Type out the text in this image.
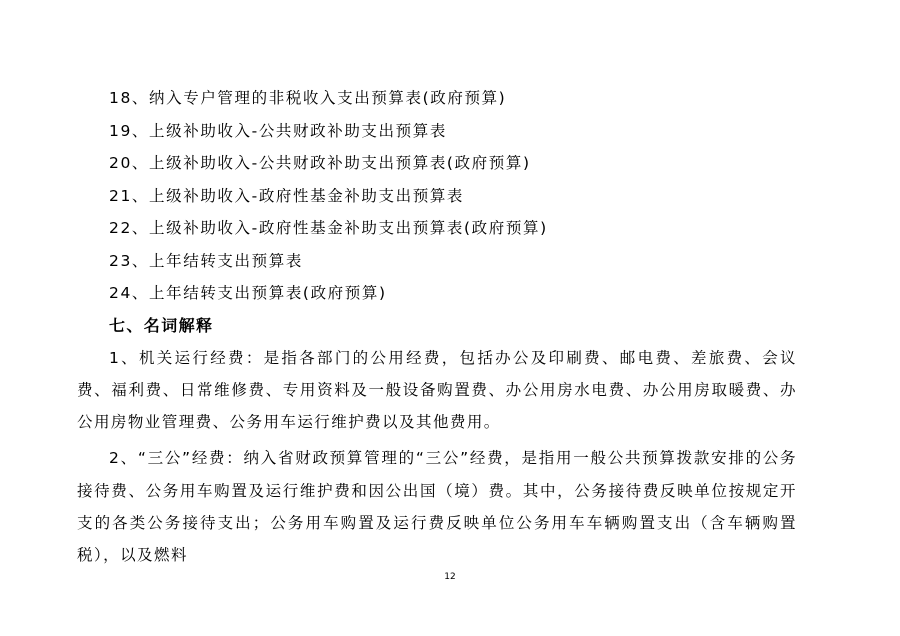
18、纳入专户管理的非税收入支出预算表(政府预算)
19、上级补助收入-公共财政补助支出预算表
20、上级补助收入-公共财政补助支出预算表(政府预算)
21、上级补助收入-政府性基金补助支出预算表
22、上级补助收入-政府性基金补助支出预算表(政府预算)
23、上年结转支出预算表
24、上年结转支出预算表(政府预算)
七、名词解释

1、机关运行经费：是指各部门的公用经费，包括办公及印刷费、邮电费、差旅费、会议费、福利费、日常维修费、专用资料及一般设备购置费、办公用房水电费、办公用房取暖费、办公用房物业管理费、公务用车运行维护费以及其他费用。

2、“三公”经费：纳入省财政预算管理的“三公”经费，是指用一般公共预算拨款安排的公务接待费、公务用车购置及运行维护费和因公出国（境）费。其中，公务接待费反映单位按规定开支的各类公务接待支出；公务用车购置及运行费反映单位公务用车车辆购置支出（含车辆购置税），以及燃料

12
